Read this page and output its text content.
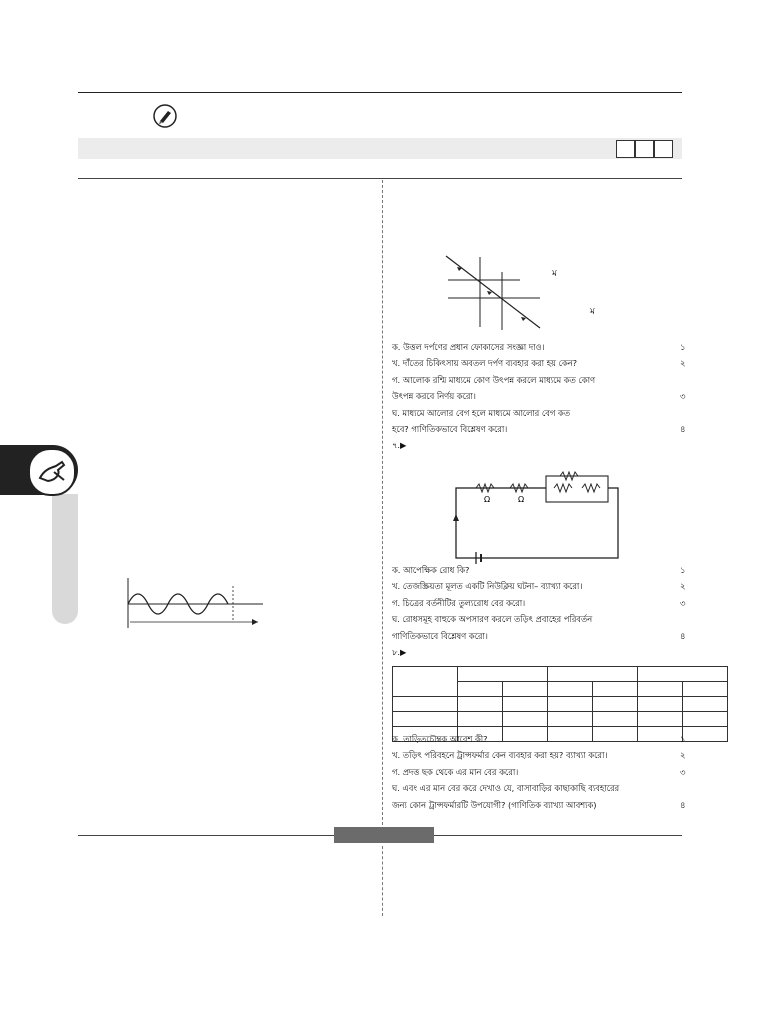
ম
ম
Ω	Ω

ক. উত্তল দর্পণের প্রধান ফোকাসের সংজ্ঞা দাও।	১
খ. দাঁতের চিকিৎসায় অবতল দর্পণ ব্যবহার করা হয় কেন?	২
গ. আলোক রশ্মি মাধ্যমে কোণ উৎপন্ন করলে মাধ্যমে কত কোণ
উৎপন্ন করবে নির্ণয় করো।	৩
ঘ. মাধ্যমে আলোর বেগ হলে মাধ্যমে আলোর বেগ কত
হবে? গাণিতিকভাবে বিশ্লেষণ করো।	৪
৭.▶
ক. আপেক্ষিক রোধ কি?	১
খ. তেজস্ক্রিয়তা মূলত একটি নিউক্লিয় ঘটনা– ব্যাখ্যা করো।	২
গ. চিত্রের বর্তনীটির তুল্যরোধ বের করো।	৩
ঘ. রোধসমূহ বাহুকে অপসারণ করলে তড়িৎ প্রবাহের পরিবর্তন
গাণিতিকভাবে বিশ্লেষণ করো।	৪
৮.▶
ক. তাড়িতচৌম্বক আবেশ কী?	১
খ. তড়িৎ পরিবহনে ট্রান্সফর্মার কেন ব্যবহার করা হয়? ব্যাখ্যা করো।	২
গ. প্রদত্ত ছক থেকে এর মান বের করো।	৩
ঘ. এবং এর মান বের করে দেখাও যে, বাসাবাড়ির কাছাকাছি ব্যবহারের
জন্য কোন ট্রান্সফর্মারটি উপযোগী? (গাণিতিক ব্যাখ্যা আবশ্যক)	৪
